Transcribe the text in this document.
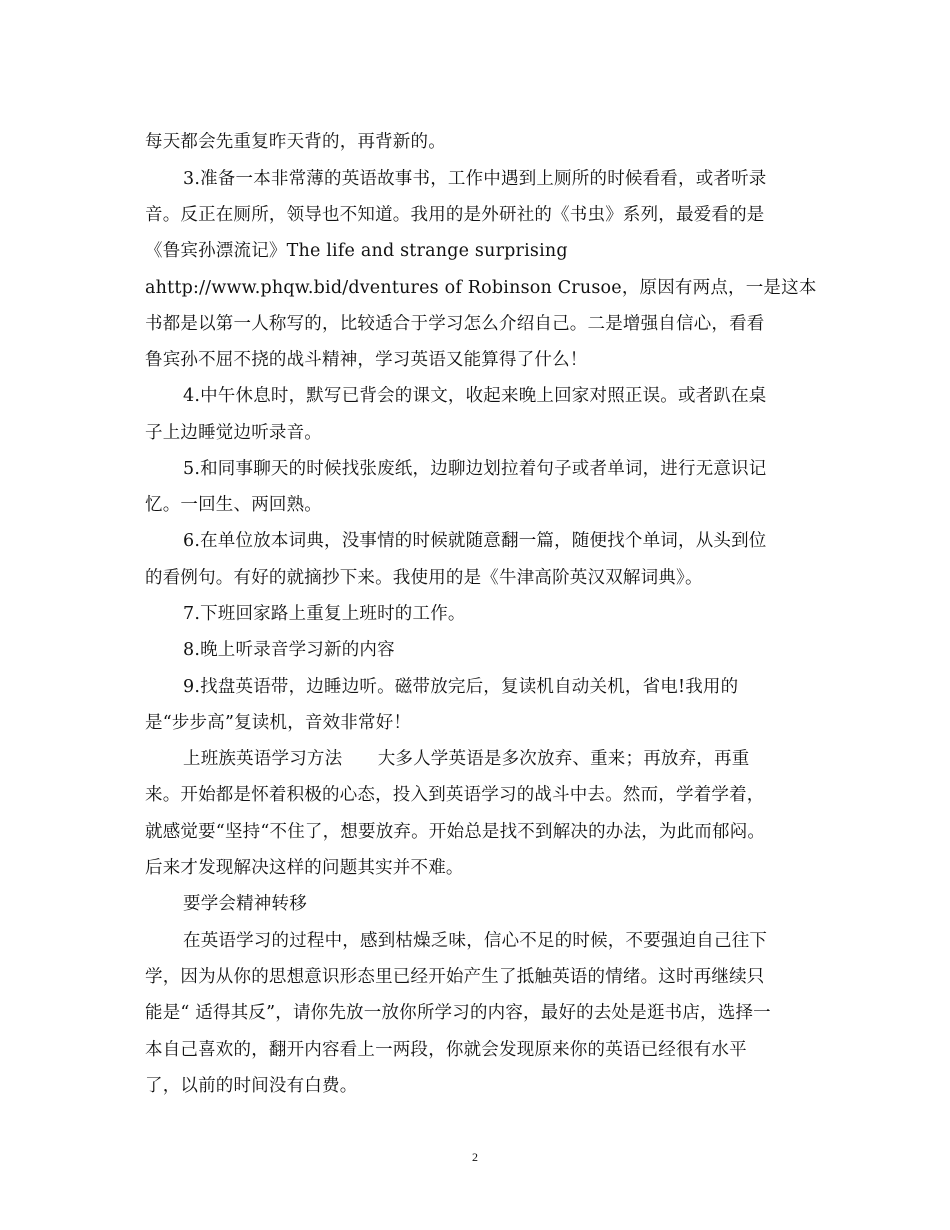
每天都会先重复昨天背的，再背新的。
3.准备一本非常薄的英语故事书，工作中遇到上厕所的时候看看，或者听录
音。反正在厕所，领导也不知道。我用的是外研社的《书虫》系列，最爱看的是
《鲁宾孙漂流记》The life and strange surprising
ahttp://www.phqw.bid/dventures of Robinson Crusoe，原因有两点，一是这本
书都是以第一人称写的，比较适合于学习怎么介绍自己。二是增强自信心，看看
鲁宾孙不屈不挠的战斗精神，学习英语又能算得了什么！
4.中午休息时，默写已背会的课文，收起来晚上回家对照正误。或者趴在桌
子上边睡觉边听录音。
5.和同事聊天的时候找张废纸，边聊边划拉着句子或者单词，进行无意识记
忆。一回生、两回熟。
6.在单位放本词典，没事情的时候就随意翻一篇，随便找个单词，从头到位
的看例句。有好的就摘抄下来。我使用的是《牛津高阶英汉双解词典》。
7.下班回家路上重复上班时的工作。
8.晚上听录音学习新的内容
9.找盘英语带，边睡边听。磁带放完后，复读机自动关机，省电!我用的
是“步步高”复读机，音效非常好！
上班族英语学习方法　　大多人学英语是多次放弃、重来；再放弃，再重
来。开始都是怀着积极的心态，投入到英语学习的战斗中去。然而，学着学着，
就感觉要“坚持“不住了，想要放弃。开始总是找不到解决的办法，为此而郁闷。
后来才发现解决这样的问题其实并不难。
要学会精神转移
在英语学习的过程中，感到枯燥乏味，信心不足的时候，不要强迫自己往下
学，因为从你的思想意识形态里已经开始产生了抵触英语的情绪。这时再继续只
能是“ 适得其反”，请你先放一放你所学习的内容，最好的去处是逛书店，选择一
本自己喜欢的，翻开内容看上一两段，你就会发现原来你的英语已经很有水平
了，以前的时间没有白费。
2
